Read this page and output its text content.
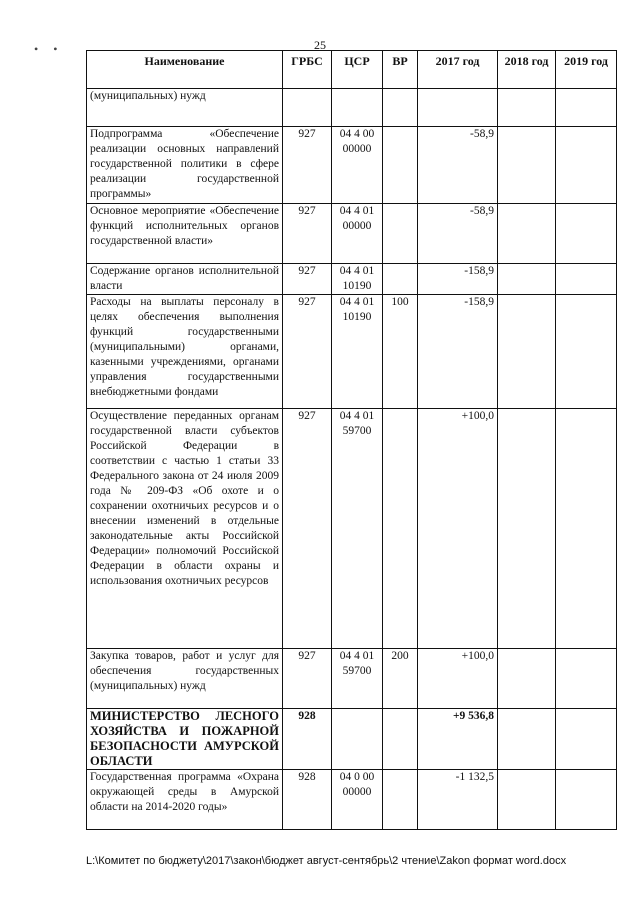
• •	25
Наименование	ГРБС	ЦСР	ВР	2017 год	2018 год	2019 год
(муниципальных) нужд						
Подпрограмма «Обеспечение реализации основных направлений государственной политики в сфере реализации государственной программы»	927	04 4 00 00000		-58,9		
Основное мероприятие «Обеспечение функций исполнительных органов государственной власти»	927	04 4 01 00000		-58,9		
Содержание органов исполнительной власти	927	04 4 01 10190		-158,9		
Расходы на выплаты персоналу в целях обеспечения выполнения функций государственными (муниципальными) органами, казенными учреждениями, органами управления государственными внебюджетными фондами	927	04 4 01 10190	100	-158,9		
Осуществление переданных органам государственной власти субъектов Российской Федерации в соответствии с частью 1 статьи 33 Федерального закона от 24 июля 2009 года № 209-ФЗ «Об охоте и о сохранении охотничьих ресурсов и о внесении изменений в отдельные законодательные акты Российской Федерации» полномочий Российской Федерации в области охраны и использования охотничьих ресурсов	927	04 4 01 59700		+100,0		
Закупка товаров, работ и услуг для обеспечения государственных (муниципальных) нужд	927	04 4 01 59700	200	+100,0		
МИНИСТЕРСТВО ЛЕСНОГО ХОЗЯЙСТВА И ПОЖАРНОЙ БЕЗОПАСНОСТИ АМУРСКОЙ ОБЛАСТИ	928			+9 536,8		
Государственная программа «Охрана окружающей среды в Амурской области на 2014-2020 годы»	928	04 0 00 00000		-1 132,5		
L:\Комитет по бюджету\2017\закон\бюджет август-сентябрь\2 чтение\Zakon формат word.docx
